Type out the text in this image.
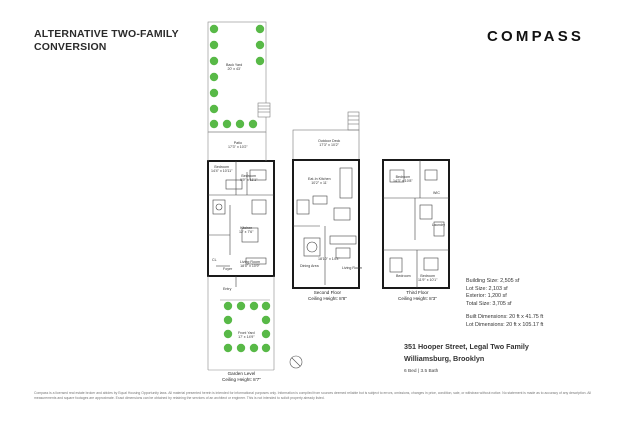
ALTERNATIVE TWO-FAMILY CONVERSION
COMPASS
Back Yard
20' x 43'
Patio
17'3" x 10'2"
Bedroom
14'4" x 10'11"
Bedroom
9'9" x 11'1"
Kitchen
12' x 7'6"
Living Room
18'5" x 10'9"
Foyer
Entry
Front Yard
17' x 14'9"
Outdoor Deck
17'3" x 10'2"
Eat-In Kitchen
10'2" x 11'
Dining Area
18'10" x 14'3"
Living Room
Bedroom
14'3" x 10'8"
WIC
Laundry
Bedroom	Bedroom
11'9" x 10'1"
CL
Garden Level
Ceiling Height: 8'7"
Second Floor
Ceiling Height: 8'8"
Third Floor
Ceiling Height: 8'3"
Building Size: 2,505 sf
Lot Size: 2,103 sf
Exterior: 1,200 sf
Total Size: 3,705 sf
Built Dimensions: 20 ft x 41.75 ft
Lot Dimensions: 20 ft x 105.17 ft
351 Hooper Street, Legal Two Family
Williamsburg, Brooklyn
6 Bed | 3.5 Bath
Compass is a licensed real estate broker and abides by Equal Housing Opportunity laws. All material presented herein is intended for informational purposes only. Information is compiled from sources deemed reliable but is subject to errors, omissions, changes in price, condition, sale, or withdraw without notice. No statement is made as to accuracy of any description. All measurements and square footages are approximate. Exact dimensions can be obtained by retaining the services of an architect or engineer. This is not intended to solicit property already listed.
